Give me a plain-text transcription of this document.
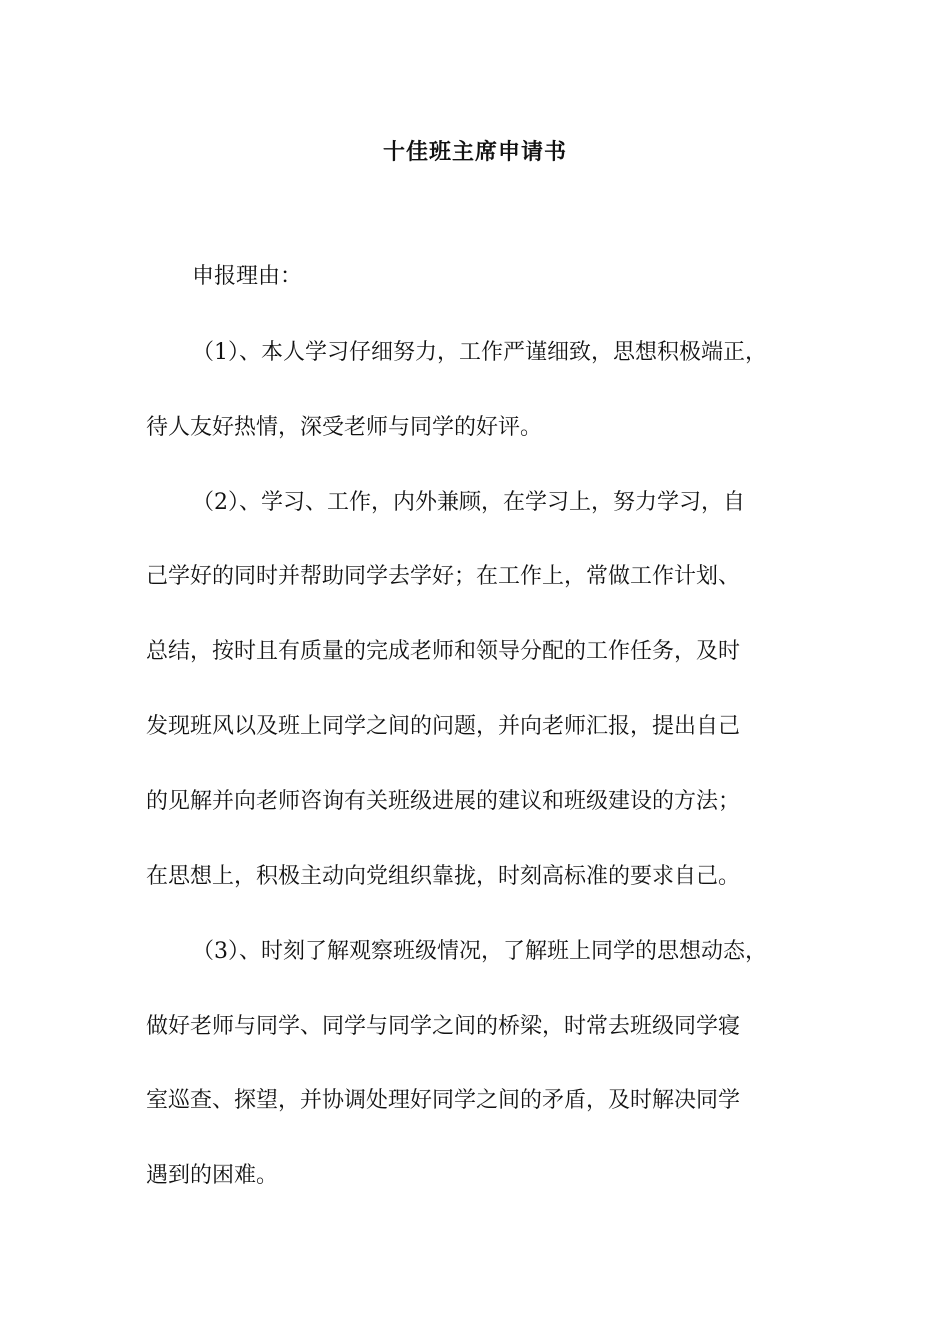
十佳班主席申请书

申报理由：

（1）、本人学习仔细努力，工作严谨细致，思想积极端正，

待人友好热情，深受老师与同学的好评。

（2）、学习、工作，内外兼顾，在学习上，努力学习，自

己学好的同时并帮助同学去学好；在工作上，常做工作计划、

总结，按时且有质量的完成老师和领导分配的工作任务，及时

发现班风以及班上同学之间的问题，并向老师汇报，提出自己

的见解并向老师咨询有关班级进展的建议和班级建设的方法；

在思想上，积极主动向党组织靠拢，时刻高标准的要求自己。

（3）、时刻了解观察班级情况，了解班上同学的思想动态，

做好老师与同学、同学与同学之间的桥梁，时常去班级同学寝

室巡查、探望，并协调处理好同学之间的矛盾，及时解决同学

遇到的困难。
